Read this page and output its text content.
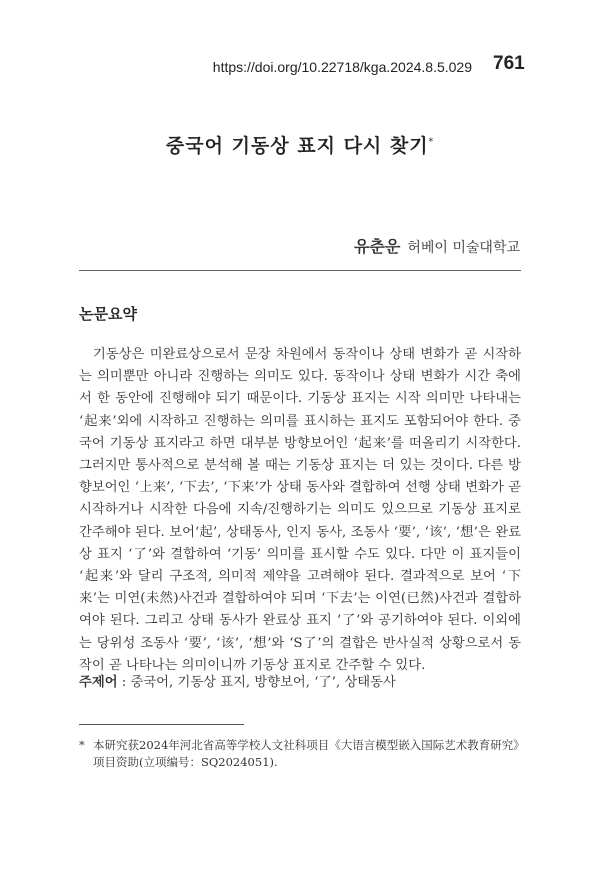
https://doi.org/10.22718/kga.2024.8.5.029 761
중국어 기동상 표지 다시 찾기*
유춘운 허베이 미술대학교
논문요약
기동상은 미완료상으로서 문장 차원에서 동작이나 상태 변화가 곧 시작하는 의미뿐만 아니라 진행하는 의미도 있다. 동작이나 상태 변화가 시간 축에서 한 동안에 진행해야 되기 때문이다. 기동상 표지는 시작 의미만 나타내는 ‘起来’외에 시작하고 진행하는 의미를 표시하는 표지도 포함되어야 한다. 중국어 기동상 표지라고 하면 대부분 방향보어인 ‘起来’를 떠올리기 시작한다. 그러지만 통사적으로 분석해 볼 때는 기동상 표지는 더 있는 것이다. 다른 방향보어인 ‘上来’, ‘下去’, ‘下来’가 상태 동사와 결합하여 선행 상태 변화가 곧 시작하거나 시작한 다음에 지속/진행하기는 의미도 있으므로 기동상 표지로 간주해야 된다. 보어‘起’, 상태동사, 인지 동사, 조동사 ‘要’, ‘该’, ‘想’은 완료상 표지 ‘了’와 결합하여 ‘기동’ 의미를 표시할 수도 있다. 다만 이 표지들이 ‘起来’와 달리 구조적, 의미적 제약을 고려해야 된다. 결과적으로 보어 ‘下来’는 미연(未然)사건과 결합하여야 되며 ‘下去’는 이연(已然)사건과 결합하여야 된다. 그리고 상태 동사가 완료상 표지 ‘了’와 공기하여야 된다. 이외에는 당위성 조동사 ‘要’, ‘该’, ‘想’와 ‘S了’의 결합은 반사실적 상황으로서 동작이 곧 나타나는 의미이니까 기동상 표지로 간주할 수 있다.
주제어 : 중국어, 기동상 표지, 방향보어, ‘了’, 상태동사
* 本研究获2024年河北省高等学校人文社科项目《大语言模型嵌入国际艺术教育研究》项目资助(立项编号：SQ2024051).
